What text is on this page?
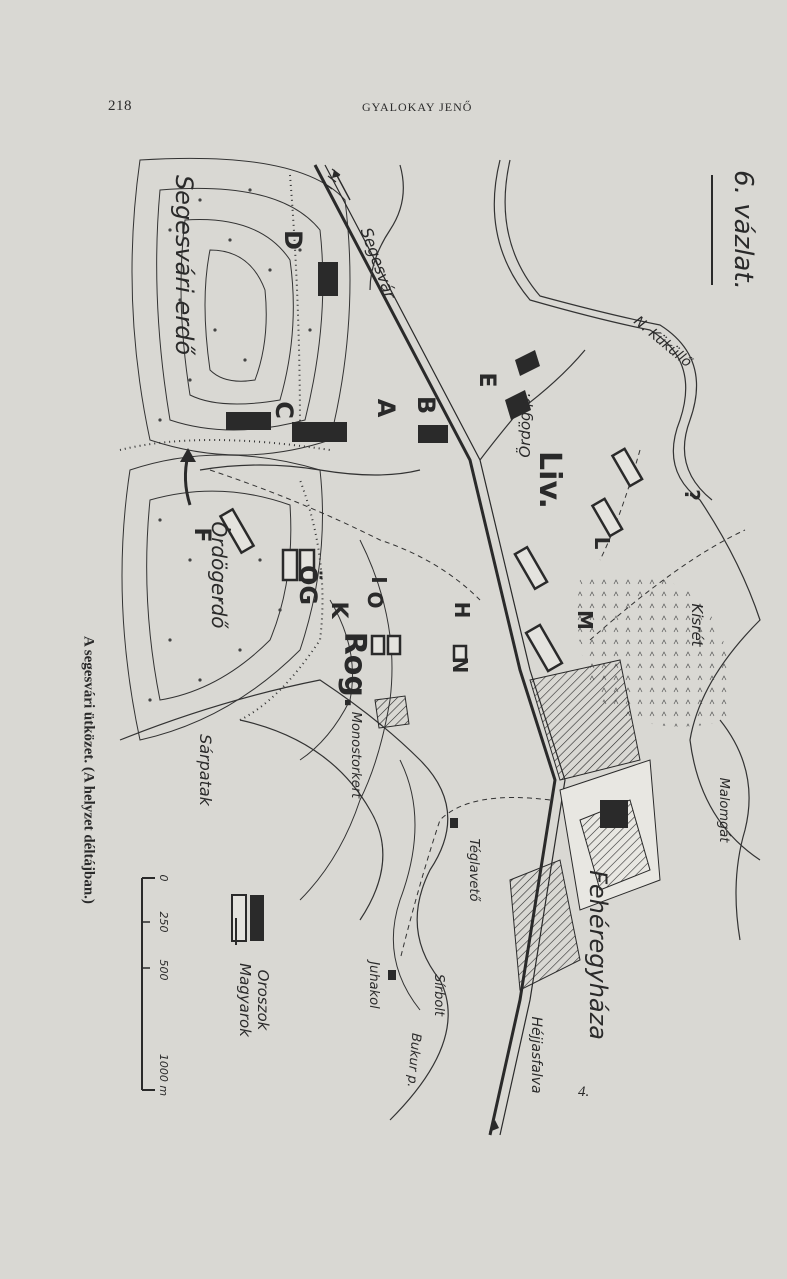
218	GYALOKAY JENŐ
6. vázlat.
Segesvári erdő	Segesvár
N. Küküllő
Ördög p.
Ördögerdő	Kisrét
Malomgát
Fehéregyháza
Héjjasfalva
Bukur p.
Sírbolt
Juhakol
Téglavető
Monostorkert
Sárpatak
Liv.
Rog.
ÖG
A B
C
D
E
F
H
I
K
L
M
N
O
?
Oroszok
Magyarok
0
250
500
1000 m
A segesvári ütközet. (A helyzet déltájban.)
4.
